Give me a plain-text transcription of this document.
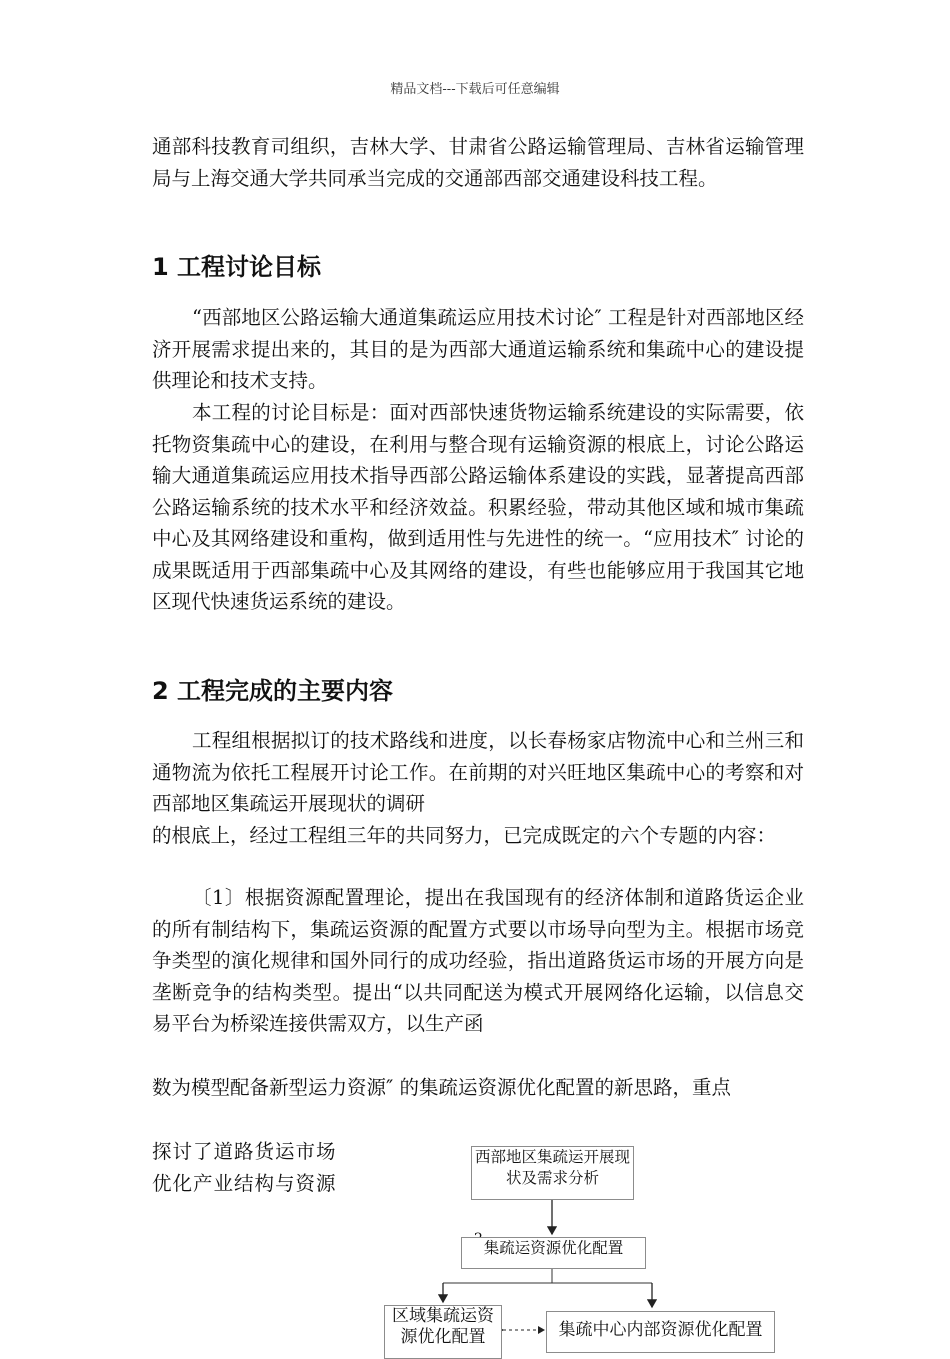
精品文档---下载后可任意编辑
通部科技教育司组织，吉林大学、甘肃省公路运输管理局、吉林省运输管理局与上海交通大学共同承当完成的交通部西部交通建设科技工程。
1 工程讨论目标
“西部地区公路运输大通道集疏运应用技术讨论″ 工程是针对西部地区经济开展需求提出来的，其目的是为西部大通道运输系统和集疏中心的建设提供理论和技术支持。
本工程的讨论目标是：面对西部快速货物运输系统建设的实际需要，依托物资集疏中心的建设，在利用与整合现有运输资源的根底上，讨论公路运输大通道集疏运应用技术指导西部公路运输体系建设的实践，显著提高西部公路运输系统的技术水平和经济效益。积累经验，带动其他区域和城市集疏中心及其网络建设和重构，做到适用性与先进性的统一。“应用技术″ 讨论的成果既适用于西部集疏中心及其网络的建设，有些也能够应用于我国其它地区现代快速货运系统的建设。
2 工程完成的主要内容
工程组根据拟订的技术路线和进度，以长春杨家店物流中心和兰州三和通物流为依托工程展开讨论工作。在前期的对兴旺地区集疏中心的考察和对西部地区集疏运开展现状的调研
的根底上，经过工程组三年的共同努力，已完成既定的六个专题的内容：
〔1〕根据资源配置理论，提出在我国现有的经济体制和道路货运企业的所有制结构下，集疏运资源的配置方式要以市场导向型为主。根据市场竞争类型的演化规律和国外同行的成功经验，指出道路货运市场的开展方向是垄断竞争的结构类型。提出“以共同配送为模式开展网络化运输，以信息交易平台为桥梁连接供需双方，以生产函
数为模型配备新型运力资源″ 的集疏运资源优化配置的新思路，重点
探讨了道路货运市场
优化产业结构与资源
西部地区集疏运开展现状及需求分析
集疏运资源优化配置
区域集疏运资源优化配置	集疏中心内部资源优化配置
